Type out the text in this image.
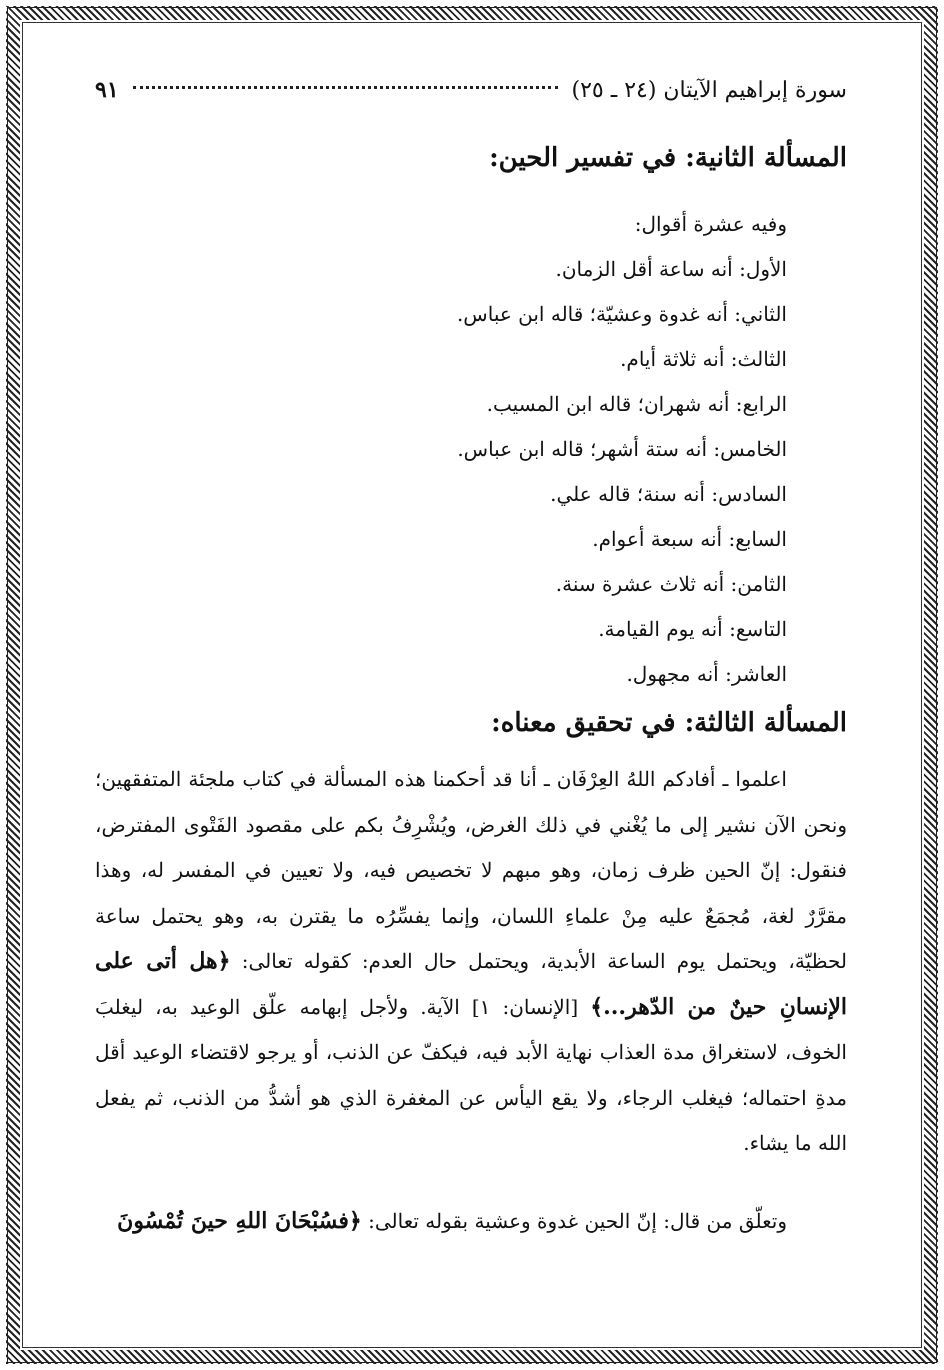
سورة إبراهيم الآيتان (٢٤ ـ ٢٥)
٩١
المسألة الثانية: في تفسير الحين:
وفيه عشرة أقوال:
الأول: أنه ساعة أقل الزمان.
الثاني: أنه غدوة وعشيّة؛ قاله ابن عباس.
الثالث: أنه ثلاثة أيام.
الرابع: أنه شهران؛ قاله ابن المسيب.
الخامس: أنه ستة أشهر؛ قاله ابن عباس.
السادس: أنه سنة؛ قاله علي.
السابع: أنه سبعة أعوام.
الثامن: أنه ثلاث عشرة سنة.
التاسع: أنه يوم القيامة.
العاشر: أنه مجهول.
المسألة الثالثة: في تحقيق معناه:

اعلموا ـ أفادكم اللهُ العِرْفَان ـ أنا قد أحكمنا هذه المسألة في كتاب ملجئة المتفقهين؛ ونحن الآن نشير إلى ما يُغْني في ذلك الغرض، ويُشْرِفُ بكم على مقصود الفَتْوى المفترض، فنقول: إنّ الحين ظرف زمان، وهو مبهم لا تخصيص فيه، ولا تعيين في المفسر له، وهذا مقرَّرٌ لغة، مُجمَعٌ عليه مِنْ علماءِ اللسان، وإنما يفسِّرُه ما يقترن به، وهو يحتمل ساعة لحظيّة، ويحتمل يوم الساعة الأبدية، ويحتمل حال العدم: كقوله تعالى: ﴿هل أتى على الإنسانِ حينٌ من الدّهر...﴾ [الإنسان: ١] الآية. ولأجل إبهامه علّق الوعيد به، ليغلبَ الخوف، لاستغراق مدة العذاب نهاية الأبد فيه، فيكفّ عن الذنب، أو يرجو لاقتضاء الوعيد أقل مدةِ احتماله؛ فيغلب الرجاء، ولا يقع اليأس عن المغفرة الذي هو أشدُّ من الذنب، ثم يفعل الله ما يشاء.

وتعلّق من قال: إنّ الحين غدوة وعشية بقوله تعالى: ﴿فسُبْحَانَ اللهِ حينَ تُمْسُونَ
